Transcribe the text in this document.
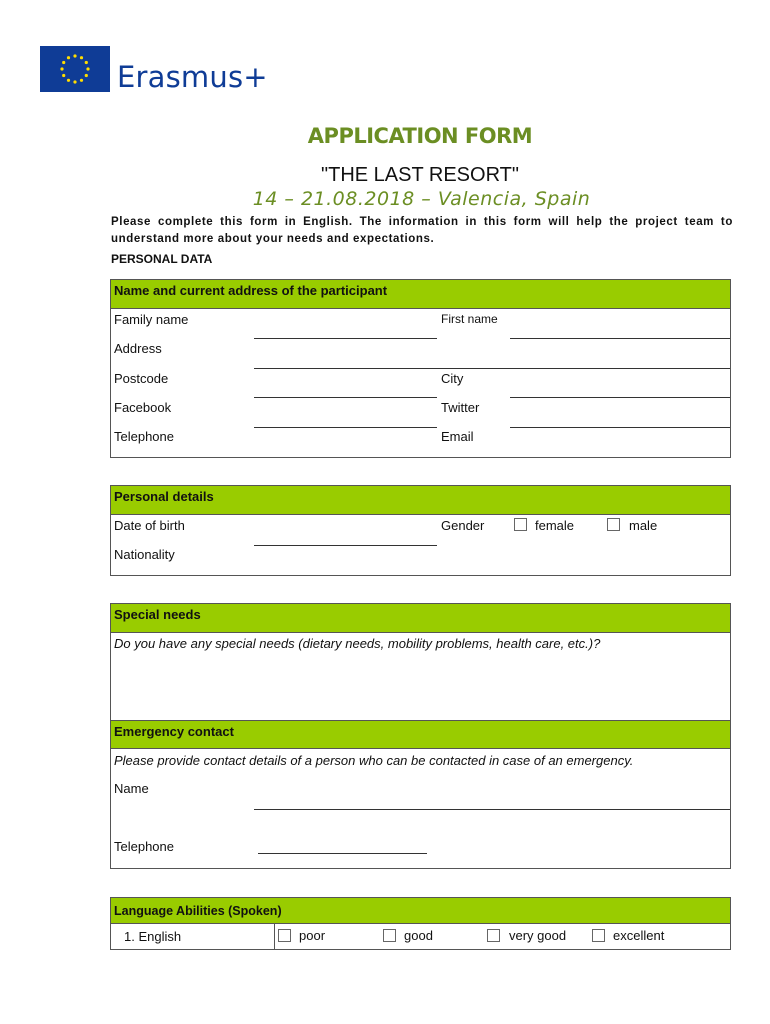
Erasmus+
APPLICATION FORM
"THE LAST RESORT"
14 – 21.08.2018 – Valencia, Spain
Please complete this form in English. The information in this form will help the project team to understand more about your needs and expectations.
PERSONAL DATA
Name and current address of the participant
Family name	First name
Address
Postcode	City
Facebook	Twitter
Telephone	Email
Personal details
Date of birth	Gender	female	male
Nationality
Special needs
Do you have any special needs (dietary needs, mobility problems, health care, etc.)?
Emergency contact
Please provide contact details of a person who can be contacted in case of an emergency.
Name
Telephone
Language Abilities (Spoken)
1. English	poor	good	very good	excellent
